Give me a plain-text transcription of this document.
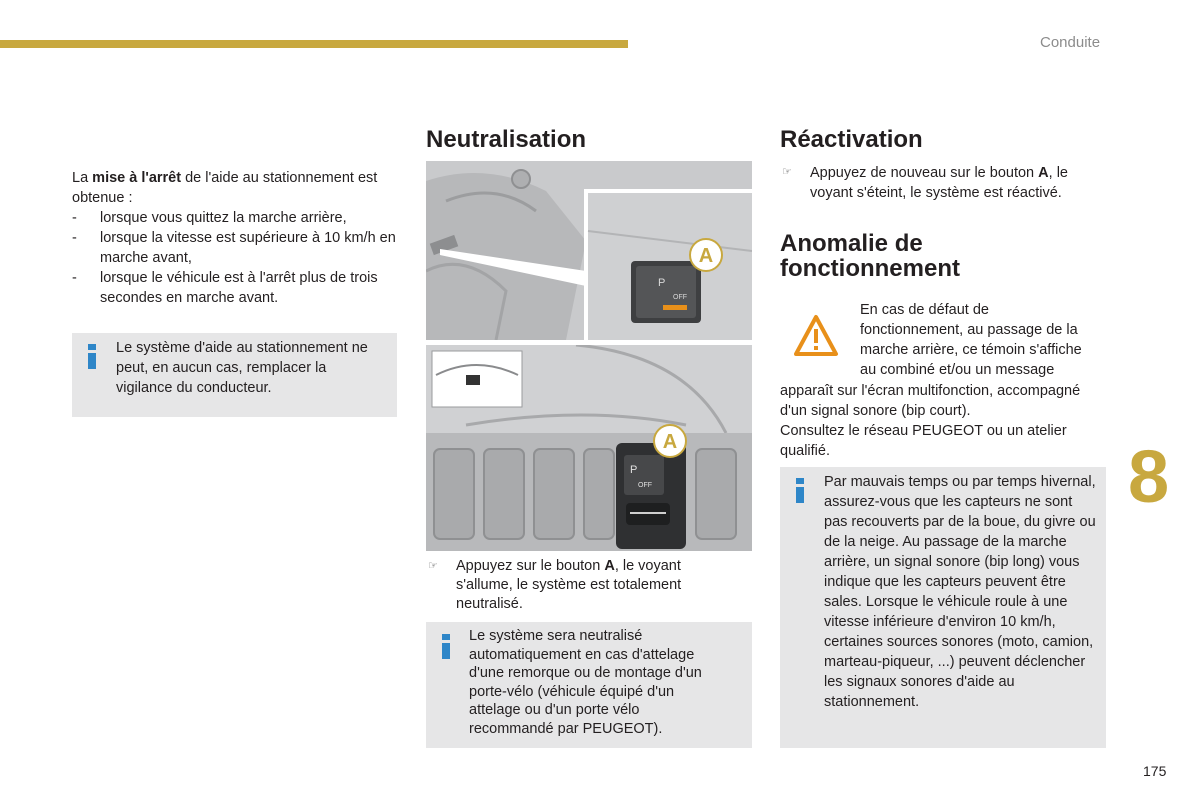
Conduite
8
175

La mise à l'arrêt de l'aide au stationnement est obtenue :

- lorsque vous quittez la marche arrière,

- lorsque la vitesse est supérieure à 10 km/h en marche avant,

- lorsque le véhicule est à l'arrêt plus de trois secondes en marche avant.

Le système d'aide au stationnement ne peut, en aucun cas, remplacer la vigilance du conducteur.
Neutralisation
P
OFF
A
P
OFF
A
☞ Appuyez sur le bouton A, le voyant s'allume, le système est totalement neutralisé.
Le système sera neutralisé automatiquement en cas d'attelage d'une remorque ou de montage d'un porte-vélo (véhicule équipé d'un attelage ou d'un porte vélo recommandé par PEUGEOT).
Réactivation
☞ Appuyez de nouveau sur le bouton A, le voyant s'éteint, le système est réactivé.
Anomalie de
fonctionnement

En cas de défaut de

fonctionnement, au passage de la

marche arrière, ce témoin s'affiche

au combiné et/ou un message

apparaît sur l'écran multifonction, accompagné d'un signal sonore (bip court).

Consultez le réseau PEUGEOT ou un atelier qualifié.

Par mauvais temps ou par temps hivernal, assurez-vous que les capteurs ne sont pas recouverts par de la boue, du givre ou de la neige. Au passage de la marche arrière, un signal sonore (bip long) vous indique que les capteurs peuvent être sales. Lorsque le véhicule roule à une vitesse inférieure d'environ 10 km/h, certaines sources sonores (moto, camion, marteau-piqueur, ...) peuvent déclencher les signaux sonores d'aide au stationnement.
